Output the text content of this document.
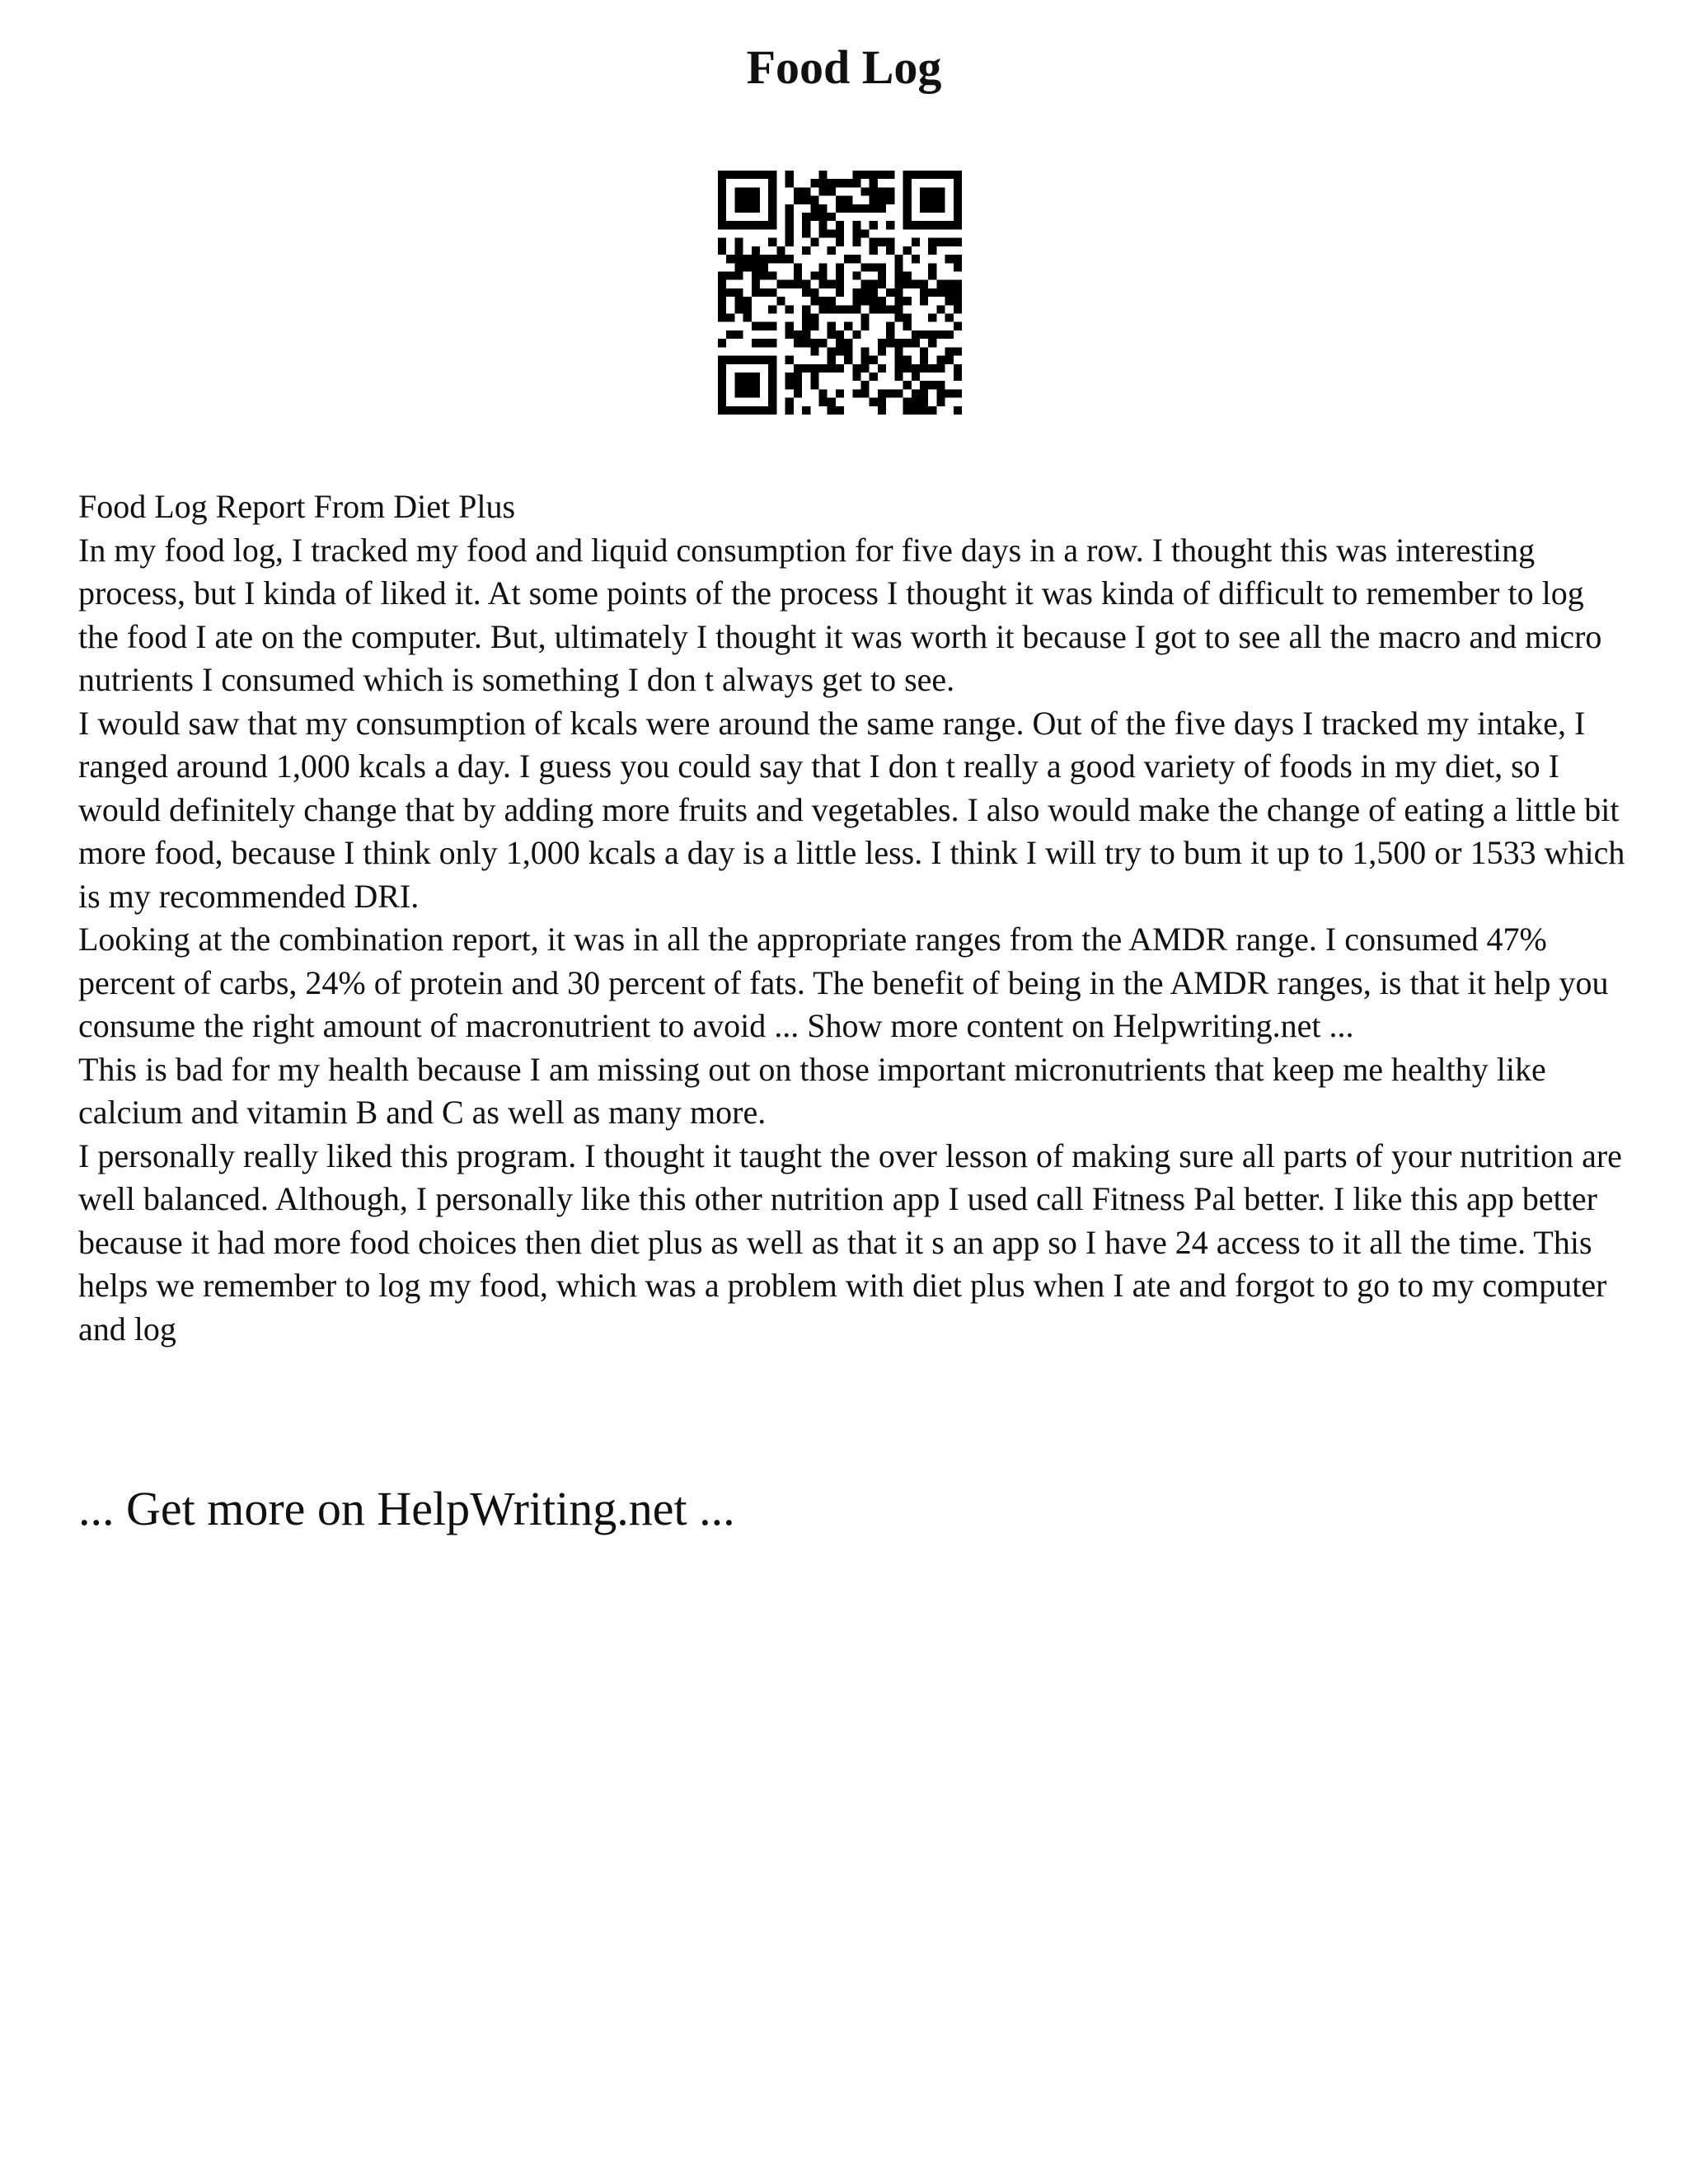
Food Log

Food Log Report From Diet Plus

In my food log, I tracked my food and liquid consumption for five days in a row. I thought this was interesting process, but I kinda of liked it. At some points of the process I thought it was kinda of difficult to remember to log the food I ate on the computer. But, ultimately I thought it was worth it because I got to see all the macro and micro nutrients I consumed which is something I don t always get to see.

I would saw that my consumption of kcals were around the same range. Out of the five days I tracked my intake, I ranged around 1,000 kcals a day. I guess you could say that I don t really a good variety of foods in my diet, so I would definitely change that by adding more fruits and vegetables. I also would make the change of eating a little bit more food, because I think only 1,000 kcals a day is a little less. I think I will try to bum it up to 1,500 or 1533 which is my recommended DRI.

Looking at the combination report, it was in all the appropriate ranges from the AMDR range. I consumed 47% percent of carbs, 24% of protein and 30 percent of fats. The benefit of being in the AMDR ranges, is that it help you consume the right amount of macronutrient to avoid ... Show more content on Helpwriting.net ...

This is bad for my health because I am missing out on those important micronutrients that keep me healthy like calcium and vitamin B and C as well as many more.

I personally really liked this program. I thought it taught the over lesson of making sure all parts of your nutrition are well balanced. Although, I personally like this other nutrition app I used call Fitness Pal better. I like this app better because it had more food choices then diet plus as well as that it s an app so I have 24 access to it all the time. This helps we remember to log my food, which was a problem with diet plus when I ate and forgot to go to my computer and log

... Get more on HelpWriting.net ...
